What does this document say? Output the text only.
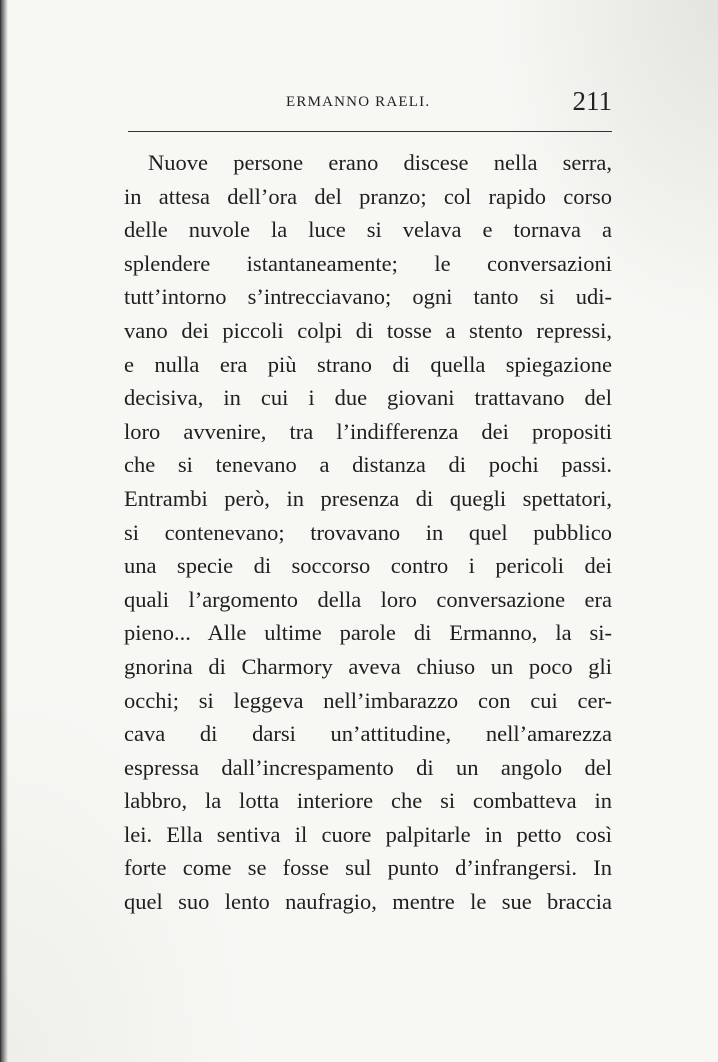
ERMANNO RAELI.	211
Nuove persone erano discese nella serra,
in attesa dell’ora del pranzo; col rapido corso
delle nuvole la luce si velava e tornava a
splendere istantaneamente; le conversazioni
tutt’intorno s’intrecciavano; ogni tanto si udi-
vano dei piccoli colpi di tosse a stento repressi,
e nulla era più strano di quella spiegazione
decisiva, in cui i due giovani trattavano del
loro avvenire, tra l’indifferenza dei propositi
che si tenevano a distanza di pochi passi.
Entrambi però, in presenza di quegli spettatori,
si contenevano; trovavano in quel pubblico
una specie di soccorso contro i pericoli dei
quali l’argomento della loro conversazione era
pieno... Alle ultime parole di Ermanno, la si-
gnorina di Charmory aveva chiuso un poco gli
occhi; si leggeva nell’imbarazzo con cui cer-
cava di darsi un’attitudine, nell’amarezza
espressa dall’increspamento di un angolo del
labbro, la lotta interiore che si combatteva in
lei. Ella sentiva il cuore palpitarle in petto così
forte come se fosse sul punto d’infrangersi. In
quel suo lento naufragio, mentre le sue braccia
